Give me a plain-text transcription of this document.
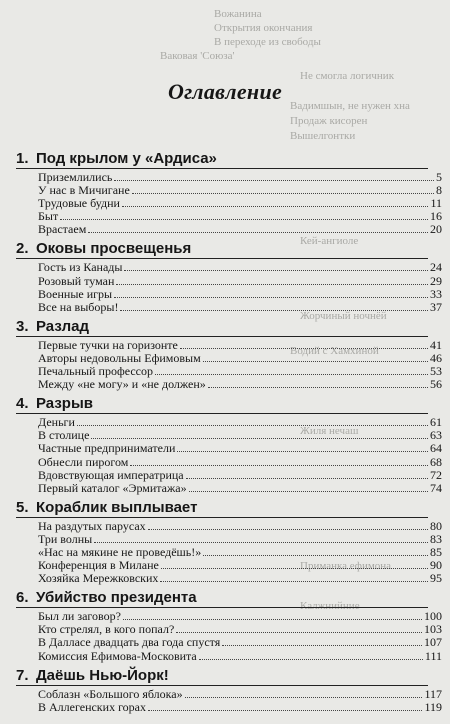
Вожанина
Открытия окончания
В переходе из свободы
Ваковая 'Союза'
Не смогла логичник
Вадимшын, не нужен хна
Продаж кисорен
Вышелгонтки
Кей-ангиоле
Жорчиный ночнёй
Водий с Хамхиной
Жиля нечаш
Приманка ефимона
Калжнийние
Оглавление
1. Под крылом у «Ардиса»
Приземлились	5
У нас в Мичигане	8
Трудовые будни	11
Быт	16
Врастаем	20
2. Оковы просвещенья
Гость из Канады	24
Розовый туман	29
Военные игры	33
Все на выборы!	37
3. Разлад
Первые тучки на горизонте	41
Авторы недовольны Ефимовым	46
Печальный профессор	53
Между «не могу» и «не должен»	56
4. Разрыв
Деньги	61
В столице	63
Частные предприниматели	64
Обнесли пирогом	68
Вдовствующая императрица	72
Первый каталог «Эрмитажа»	74
5. Кораблик выплывает
На раздутых парусах	80
Три волны	83
«Нас на мякине не проведёшь!»	85
Конференция в Милане	90
Хозяйка Мережковских	95
6. Убийство президента
Был ли заговор?	100
Кто стрелял, в кого попал?	103
В Далласе двадцать два года спустя	107
Комиссия Ефимова-Московита	111
7. Даёшь Нью-Йорк!
Соблазн «Большого яблока»	117
В Аллегенских горах	119
